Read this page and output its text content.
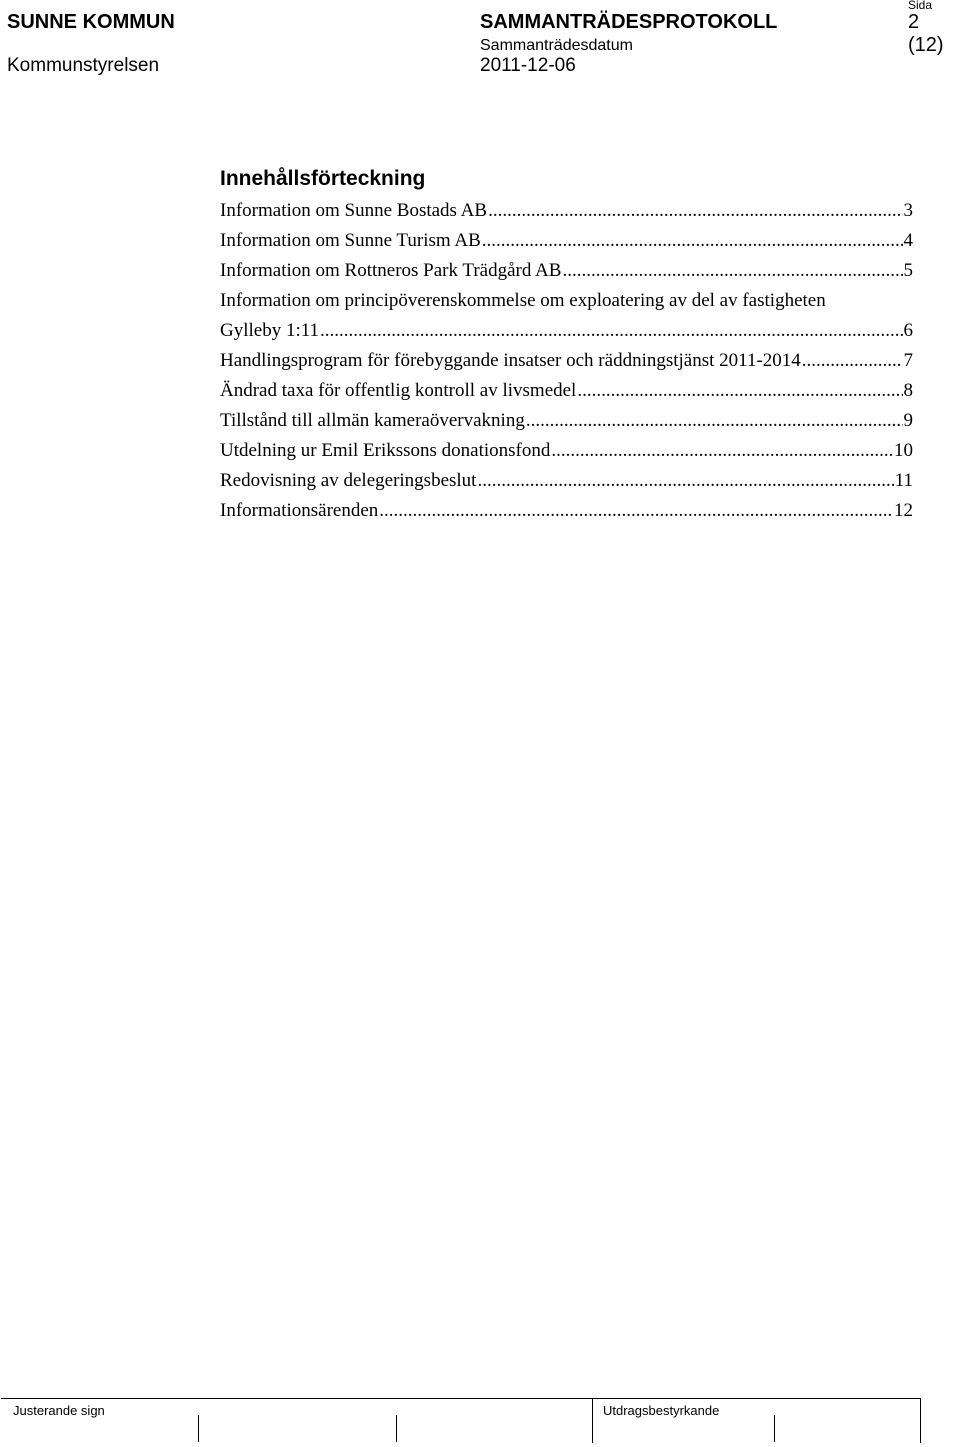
SUNNE KOMMUN
Kommunstyrelsen
SAMMANTRÄDESPROTOKOLL
Sammanträdesdatum
2011-12-06
Sida
2 (12)
Innehållsförteckning
Information om Sunne Bostads AB .....	3
Information om Sunne Turism AB .....	4
Information om Rottneros Park Trädgård AB .....	5
Information om principöverenskommelse om exploatering av del av fastigheten
Gylleby 1:11 .....	6
Handlingsprogram för förebyggande insatser och räddningstjänst 2011-2014 .....	7
Ändrad taxa för offentlig kontroll av livsmedel .....	8
Tillstånd till allmän kameraövervakning .....	9
Utdelning ur Emil Erikssons donationsfond .....	10
Redovisning av delegeringsbeslut .....	11
Informationsärenden .....	12
Justerande sign	Utdragsbestyrkande
